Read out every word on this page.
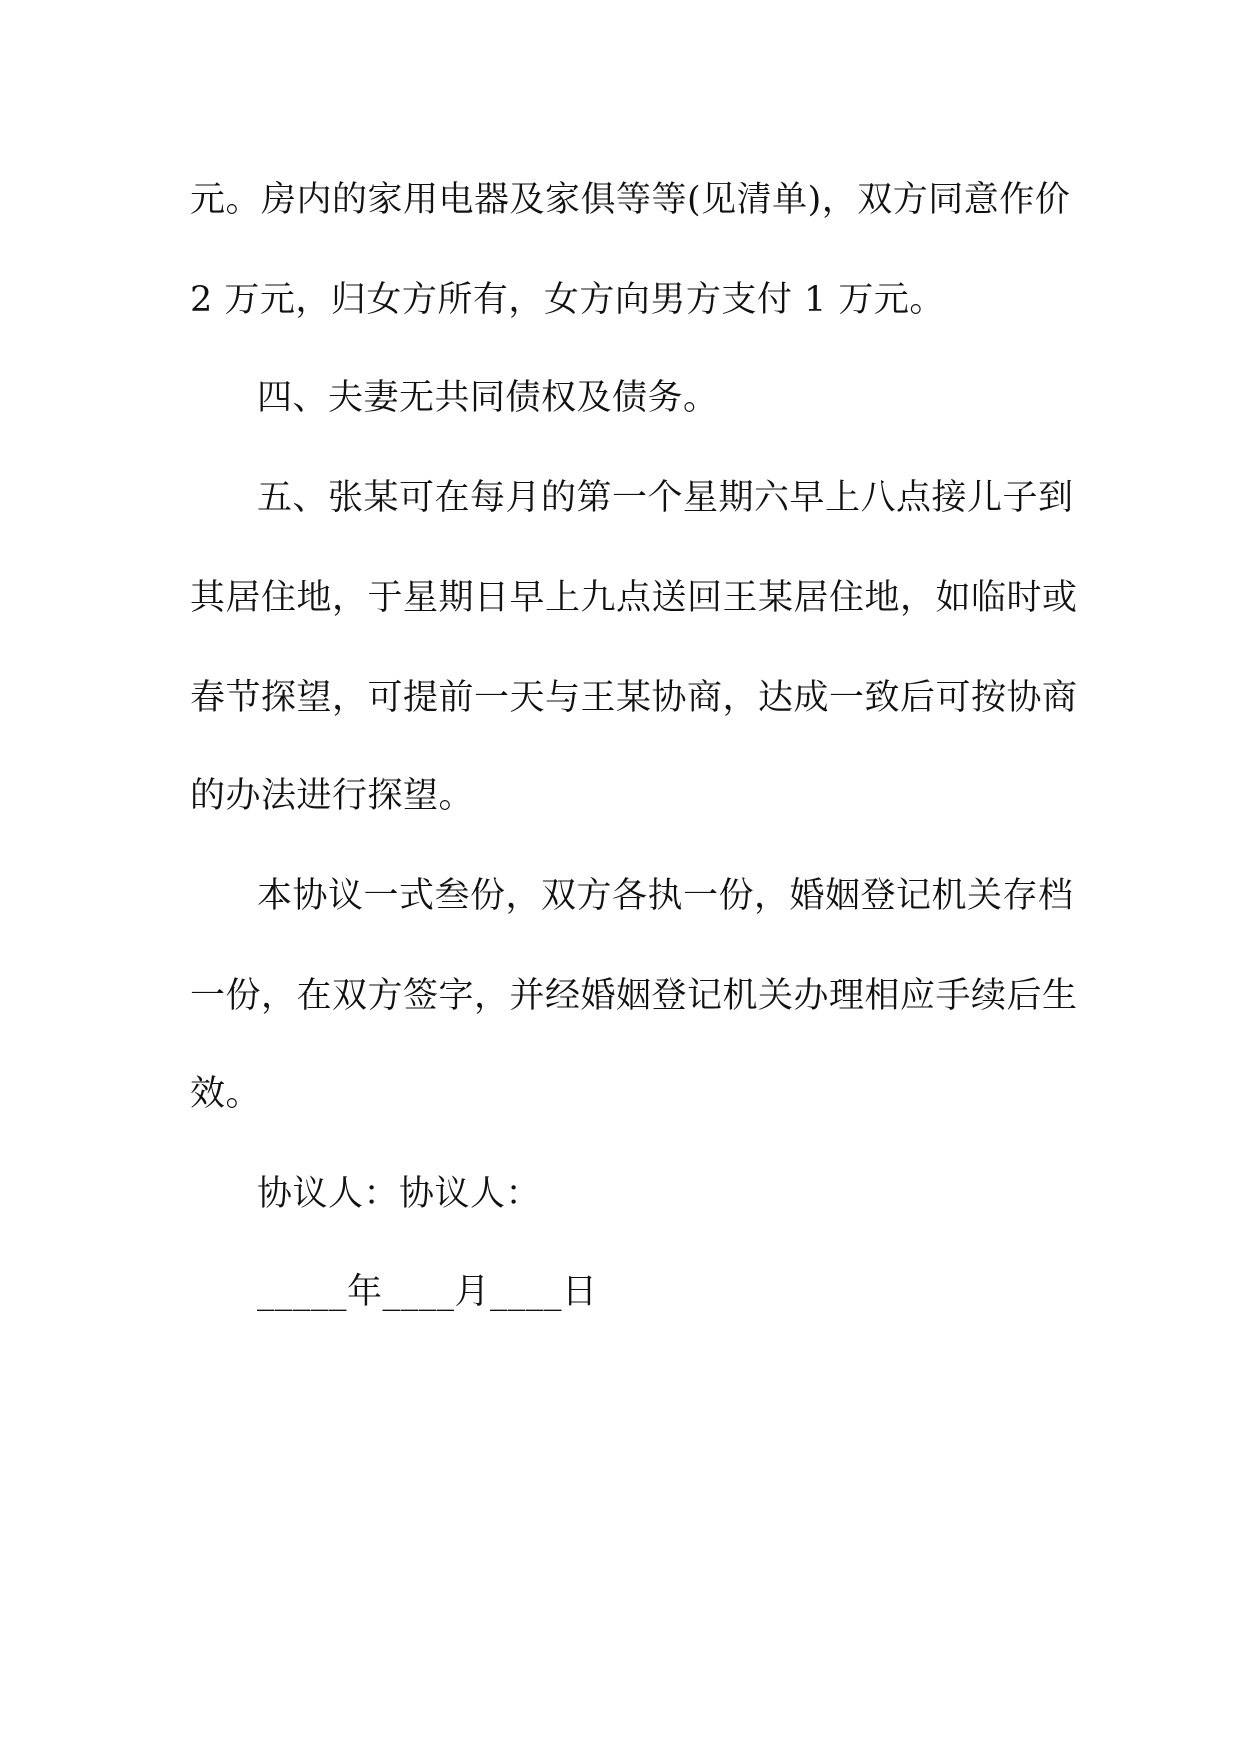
元。房内的家用电器及家俱等等(见清单)，双方同意作价
2 万元，归女方所有，女方向男方支付 1 万元。
四、夫妻无共同债权及债务。
五、张某可在每月的第一个星期六早上八点接儿子到
其居住地，于星期日早上九点送回王某居住地，如临时或
春节探望，可提前一天与王某协商，达成一致后可按协商
的办法进行探望。
本协议一式叁份，双方各执一份，婚姻登记机关存档
一份，在双方签字，并经婚姻登记机关办理相应手续后生
效。
协议人：协议人：
_____年____月____日
